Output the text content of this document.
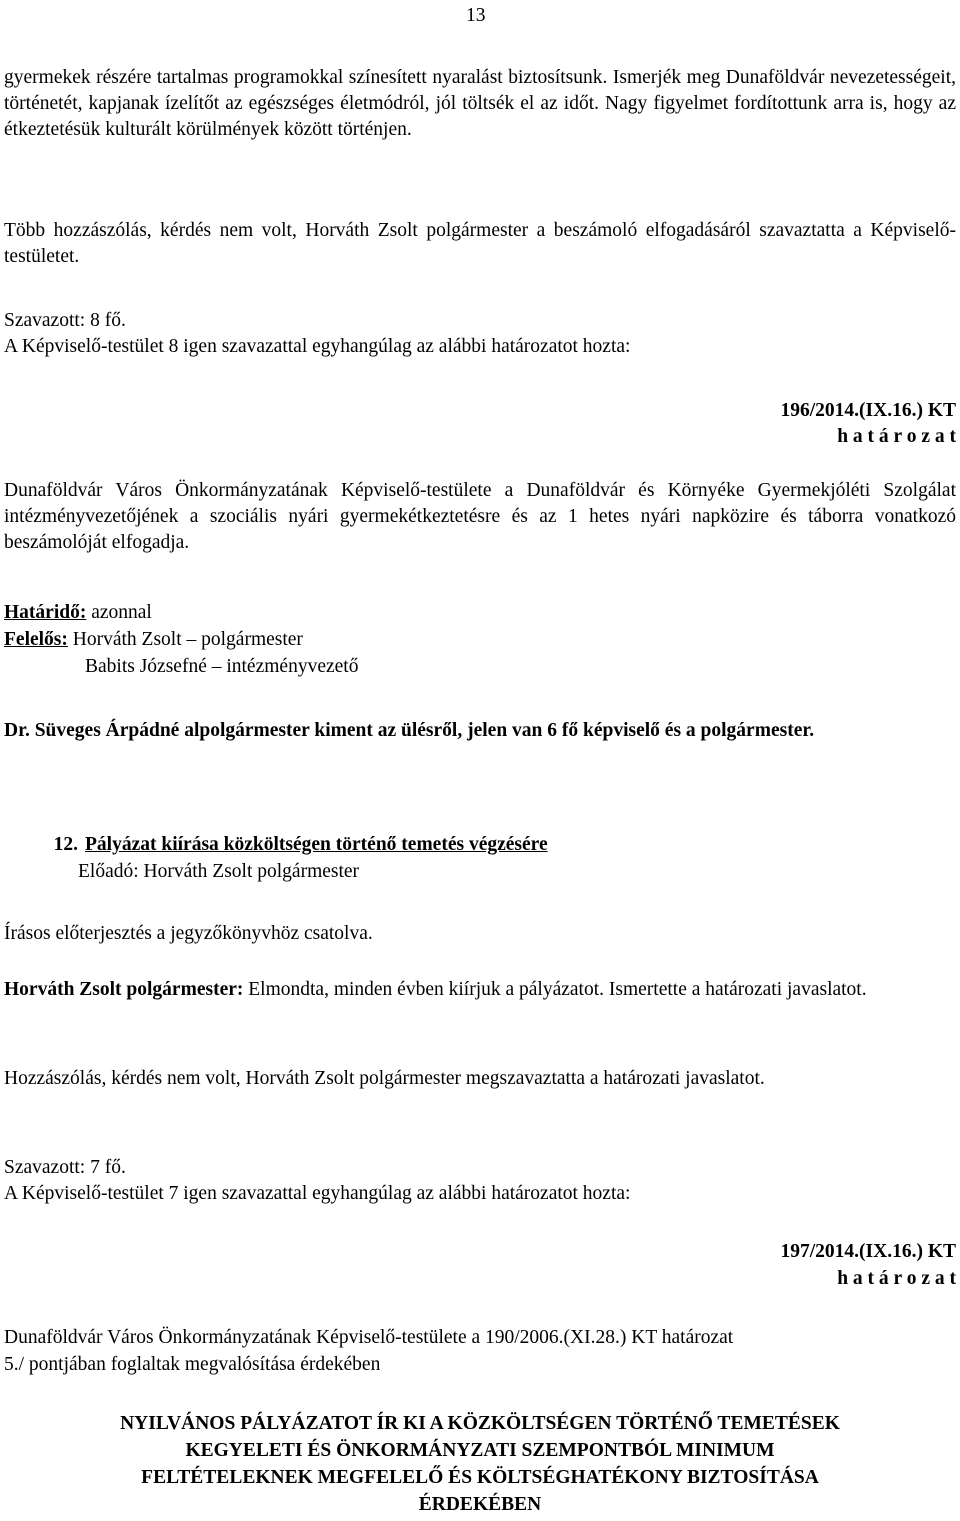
13

gyermekek részére tartalmas programokkal színesített nyaralást biztosítsunk. Ismerjék meg Dunaföldvár nevezetességeit, történetét, kapjanak ízelítőt az egészséges életmódról, jól töltsék el az időt. Nagy figyelmet fordítottunk arra is, hogy az étkeztetésük kulturált körülmények között történjen.

Több hozzászólás, kérdés nem volt, Horváth Zsolt polgármester a beszámoló elfogadásáról szavaztatta a Képviselő-testületet.

Szavazott: 8 fő.

A Képviselő-testület 8 igen szavazattal egyhangúlag az alábbi határozatot hozta:

196/2014.(IX.16.) KT

h a t á r o z a t

Dunaföldvár Város Önkormányzatának Képviselő-testülete a Dunaföldvár és Környéke Gyermekjóléti Szolgálat intézményvezetőjének a szociális nyári gyermekétkeztetésre és az 1 hetes nyári napközire és táborra vonatkozó beszámolóját elfogadja.

Határidő: azonnal

Felelős: Horváth Zsolt – polgármester

Babits Józsefné – intézményvezető

Dr. Süveges Árpádné alpolgármester kiment az ülésről, jelen van 6 fő képviselő és a polgármester.

12. Pályázat kiírása közköltségen történő temetés végzésére

Előadó: Horváth Zsolt polgármester

Írásos előterjesztés a jegyzőkönyvhöz csatolva.

Horváth Zsolt polgármester: Elmondta, minden évben kiírjuk a pályázatot. Ismertette a határozati javaslatot.

Hozzászólás, kérdés nem volt, Horváth Zsolt polgármester megszavaztatta a határozati javaslatot.

Szavazott: 7 fő.

A Képviselő-testület 7 igen szavazattal egyhangúlag az alábbi határozatot hozta:

197/2014.(IX.16.) KT

h a t á r o z a t

Dunaföldvár Város Önkormányzatának Képviselő-testülete a 190/2006.(XI.28.) KT határozat

5./ pontjában foglaltak megvalósítása érdekében

NYILVÁNOS PÁLYÁZATOT ÍR KI A KÖZKÖLTSÉGEN TÖRTÉNŐ TEMETÉSEK

KEGYELETI ÉS ÖNKORMÁNYZATI SZEMPONTBÓL MINIMUM

FELTÉTELEKNEK MEGFELELŐ ÉS KÖLTSÉGHATÉKONY BIZTOSÍTÁSA

ÉRDEKÉBEN
